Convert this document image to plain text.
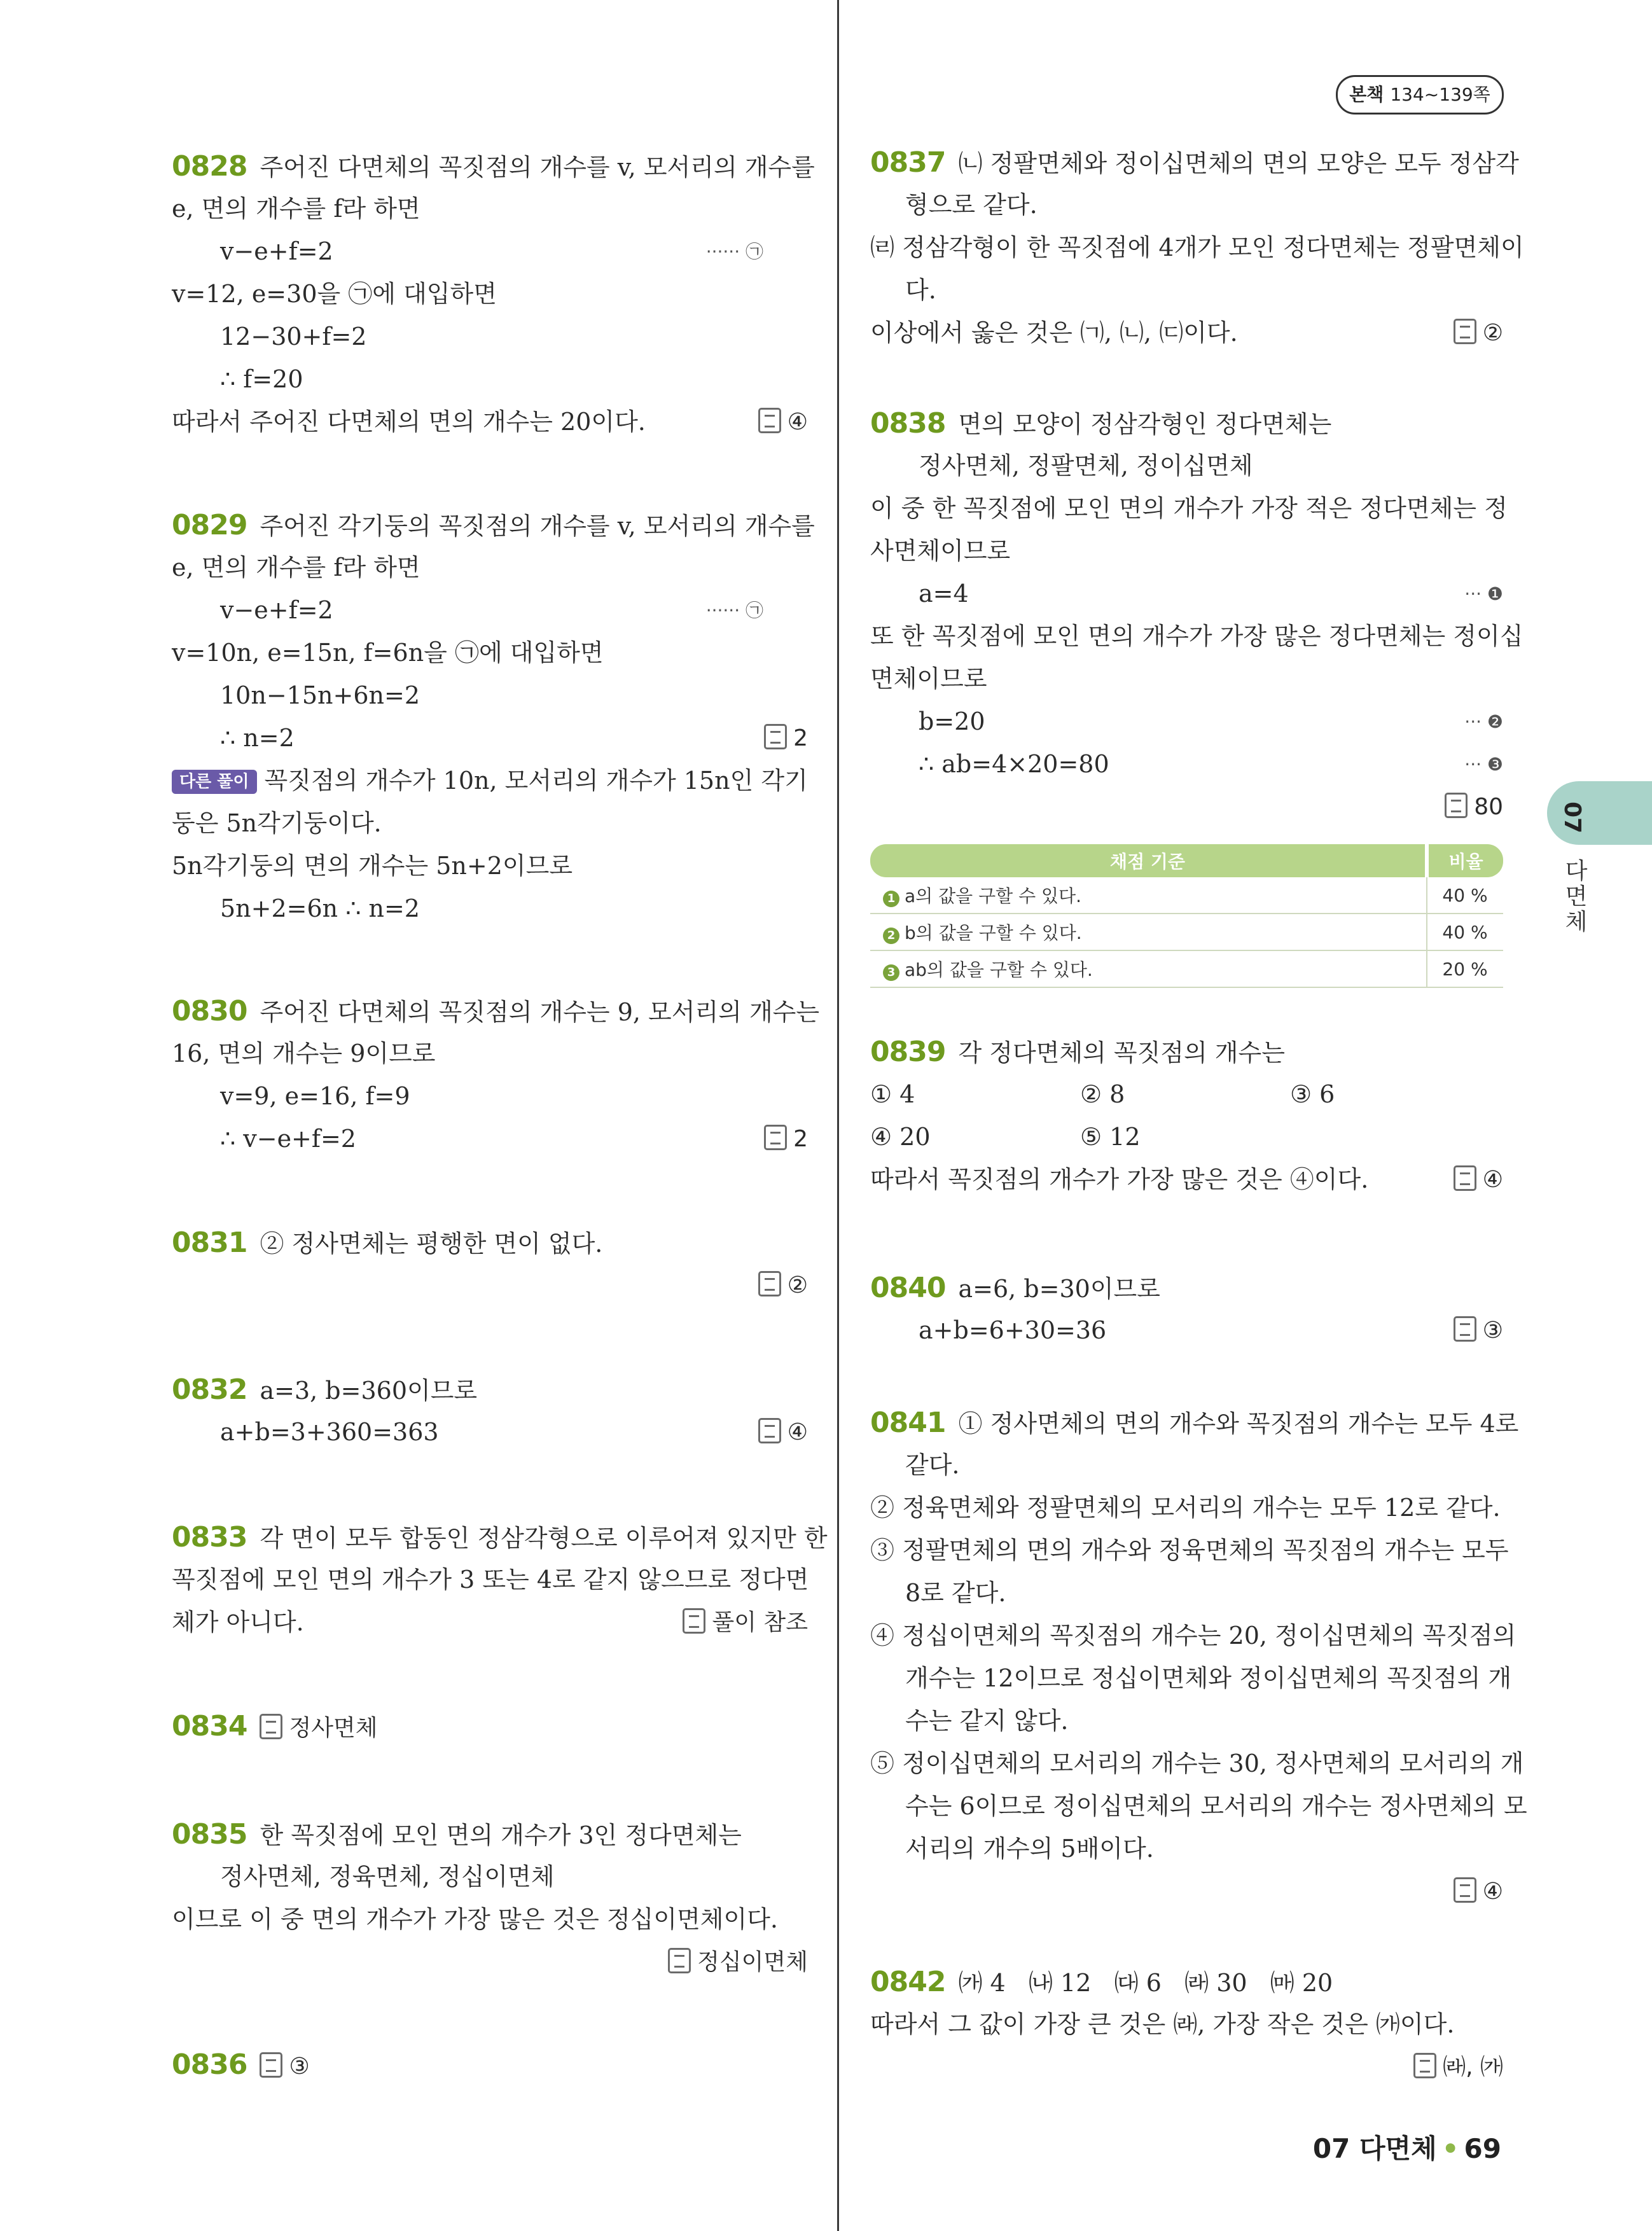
본책 134~139쪽
07
다면체
0828 주어진 다면체의 꼭짓점의 개수를 v, 모서리의 개수를
e, 면의 개수를 f라 하면
v−e+f=2	······ ㉠
v=12, e=30을 ㉠에 대입하면
12−30+f=2
∴ f=20
따라서 주어진 다면체의 면의 개수는 20이다.	④
0829 주어진 각기둥의 꼭짓점의 개수를 v, 모서리의 개수를
e, 면의 개수를 f라 하면
v−e+f=2	······ ㉠
v=10n, e=15n, f=6n을 ㉠에 대입하면
10n−15n+6n=2
∴ n=2	2
다른 풀이 꼭짓점의 개수가 10n, 모서리의 개수가 15n인 각기
둥은 5n각기둥이다.
5n각기둥의 면의 개수는 5n+2이므로
5n+2=6n ∴ n=2
0830 주어진 다면체의 꼭짓점의 개수는 9, 모서리의 개수는
16, 면의 개수는 9이므로
v=9, e=16, f=9
∴ v−e+f=2	2
0831 ② 정사면체는 평행한 면이 없다.
②
0832 a=3, b=360이므로
a+b=3+360=363	④
0833 각 면이 모두 합동인 정삼각형으로 이루어져 있지만 한
꼭짓점에 모인 면의 개수가 3 또는 4로 같지 않으므로 정다면
체가 아니다.	풀이 참조
0834 정사면체
0835 한 꼭짓점에 모인 면의 개수가 3인 정다면체는
정사면체, 정육면체, 정십이면체
이므로 이 중 면의 개수가 가장 많은 것은 정십이면체이다.
정십이면체
0836 ③
0837 ㈁ 정팔면체와 정이십면체의 면의 모양은 모두 정삼각
형으로 같다.
㈃ 정삼각형이 한 꼭짓점에 4개가 모인 정다면체는 정팔면체이
다.
이상에서 옳은 것은 ㈀, ㈁, ㈂이다.	②
0838 면의 모양이 정삼각형인 정다면체는
정사면체, 정팔면체, 정이십면체
이 중 한 꼭짓점에 모인 면의 개수가 가장 적은 정다면체는 정
사면체이므로
a=4	··· ❶
또 한 꼭짓점에 모인 면의 개수가 가장 많은 정다면체는 정이십
면체이므로
b=20	··· ❷
∴ ab=4×20=80	··· ❸
80
0839 각 정다면체의 꼭짓점의 개수는
① 4	② 8	③ 6
④ 20	⑤ 12
따라서 꼭짓점의 개수가 가장 많은 것은 ④이다.	④
0840 a=6, b=30이므로
a+b=6+30=36	③
0841 ① 정사면체의 면의 개수와 꼭짓점의 개수는 모두 4로
같다.
② 정육면체와 정팔면체의 모서리의 개수는 모두 12로 같다.
③ 정팔면체의 면의 개수와 정육면체의 꼭짓점의 개수는 모두
8로 같다.
④ 정십이면체의 꼭짓점의 개수는 20, 정이십면체의 꼭짓점의
개수는 12이므로 정십이면체와 정이십면체의 꼭짓점의 개
수는 같지 않다.
⑤ 정이십면체의 모서리의 개수는 30, 정사면체의 모서리의 개
수는 6이므로 정이십면체의 모서리의 개수는 정사면체의 모
서리의 개수의 5배이다.
④
0842 ㈎ 4   ㈏ 12   ㈐ 6   ㈑ 30   ㈒ 20
따라서 그 값이 가장 큰 것은 ㈑, 가장 작은 것은 ㈎이다.
㈑, ㈎
채점 기준	비율
1 a의 값을 구할 수 있다.	40 %
2 b의 값을 구할 수 있다.	40 %
3 ab의 값을 구할 수 있다.	20 %
07 다면체 • 69
